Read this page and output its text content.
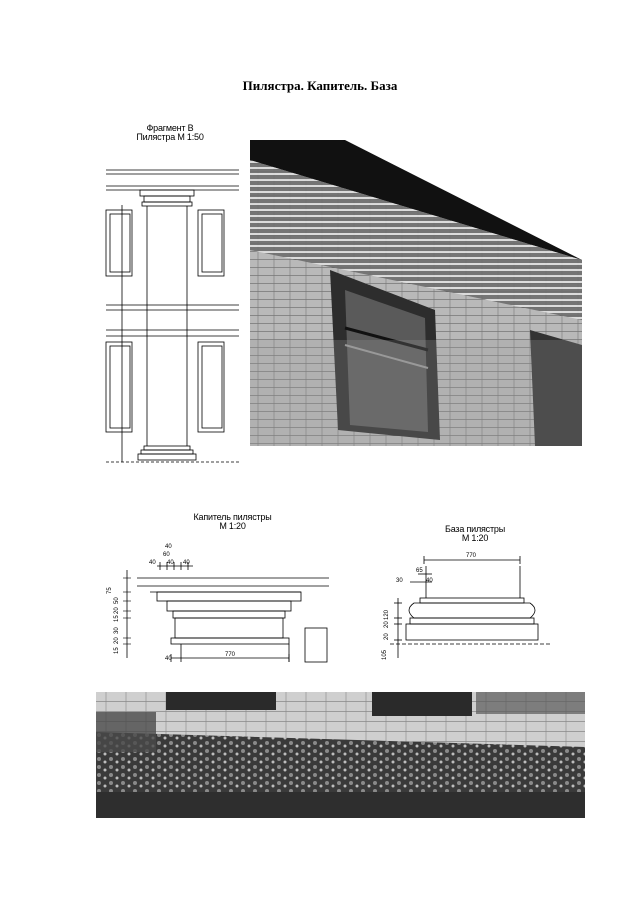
Пилястра. Капитель. База
Фрагмент В
Пилястра М 1:50
Капитель пилястры
М 1:20
40
60
40 40 40
75
50
20
15
30
20
15
770
40
База пилястры
М 1:20
770
65
30	40
120
20
20
105
